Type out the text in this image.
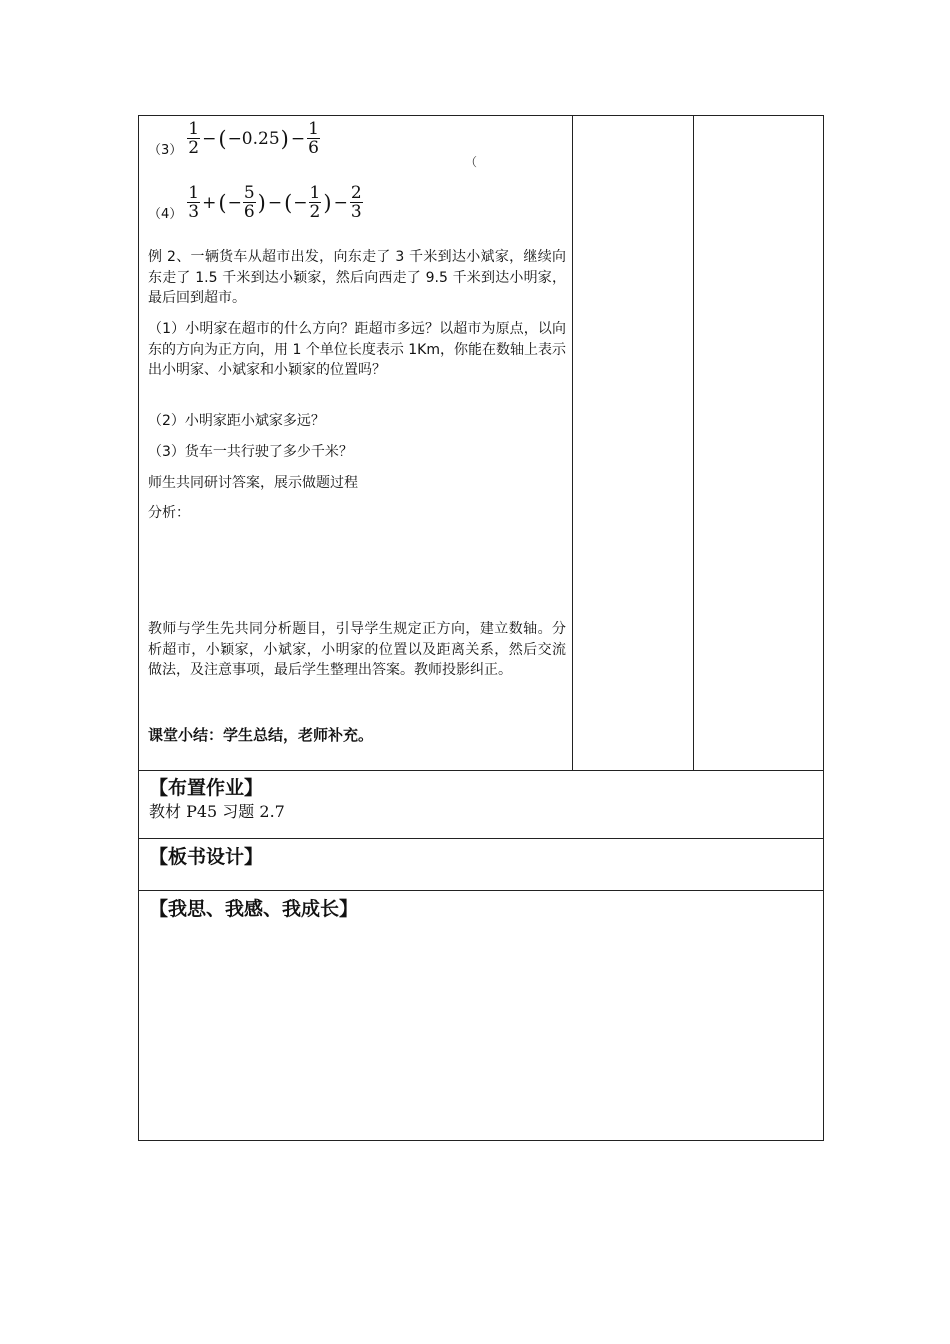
$(3) \frac{1}{2}$ − ( −0.25 ) − $\frac{1}{6}$
$(4) \frac{1}{3}$ + ( − $\frac{5}{6}$ ) − ( − $\frac{1}{2}$ ) − $\frac{2}{3}$
例 2、一辆货车从超市出发，向东走了 3 千米到达小斌家，继续向东走了 1.5 千米到达小颖家，然后向西走了 9.5 千米到达小明家，最后回到超市。
（1）小明家在超市的什么方向？距超市多远？以超市为原点，以向东的方向为正方向，用 1 个单位长度表示 1Km，你能在数轴上表示出小明家、小斌家和小颖家的位置吗？
（2）小明家距小斌家多远？
（3）货车一共行驶了多少千米？
师生共同研讨答案，展示做题过程
分析：
教师与学生先共同分析题目，引导学生规定正方向，建立数轴。分析超市，小颖家，小斌家，小明家的位置以及距离关系，然后交流做法，及注意事项，最后学生整理出答案。教师投影纠正。
课堂小结：学生总结，老师补充。
（
【布置作业】
教材 P45 习题 2.7
【板书设计】
【我思、我感、我成长】
